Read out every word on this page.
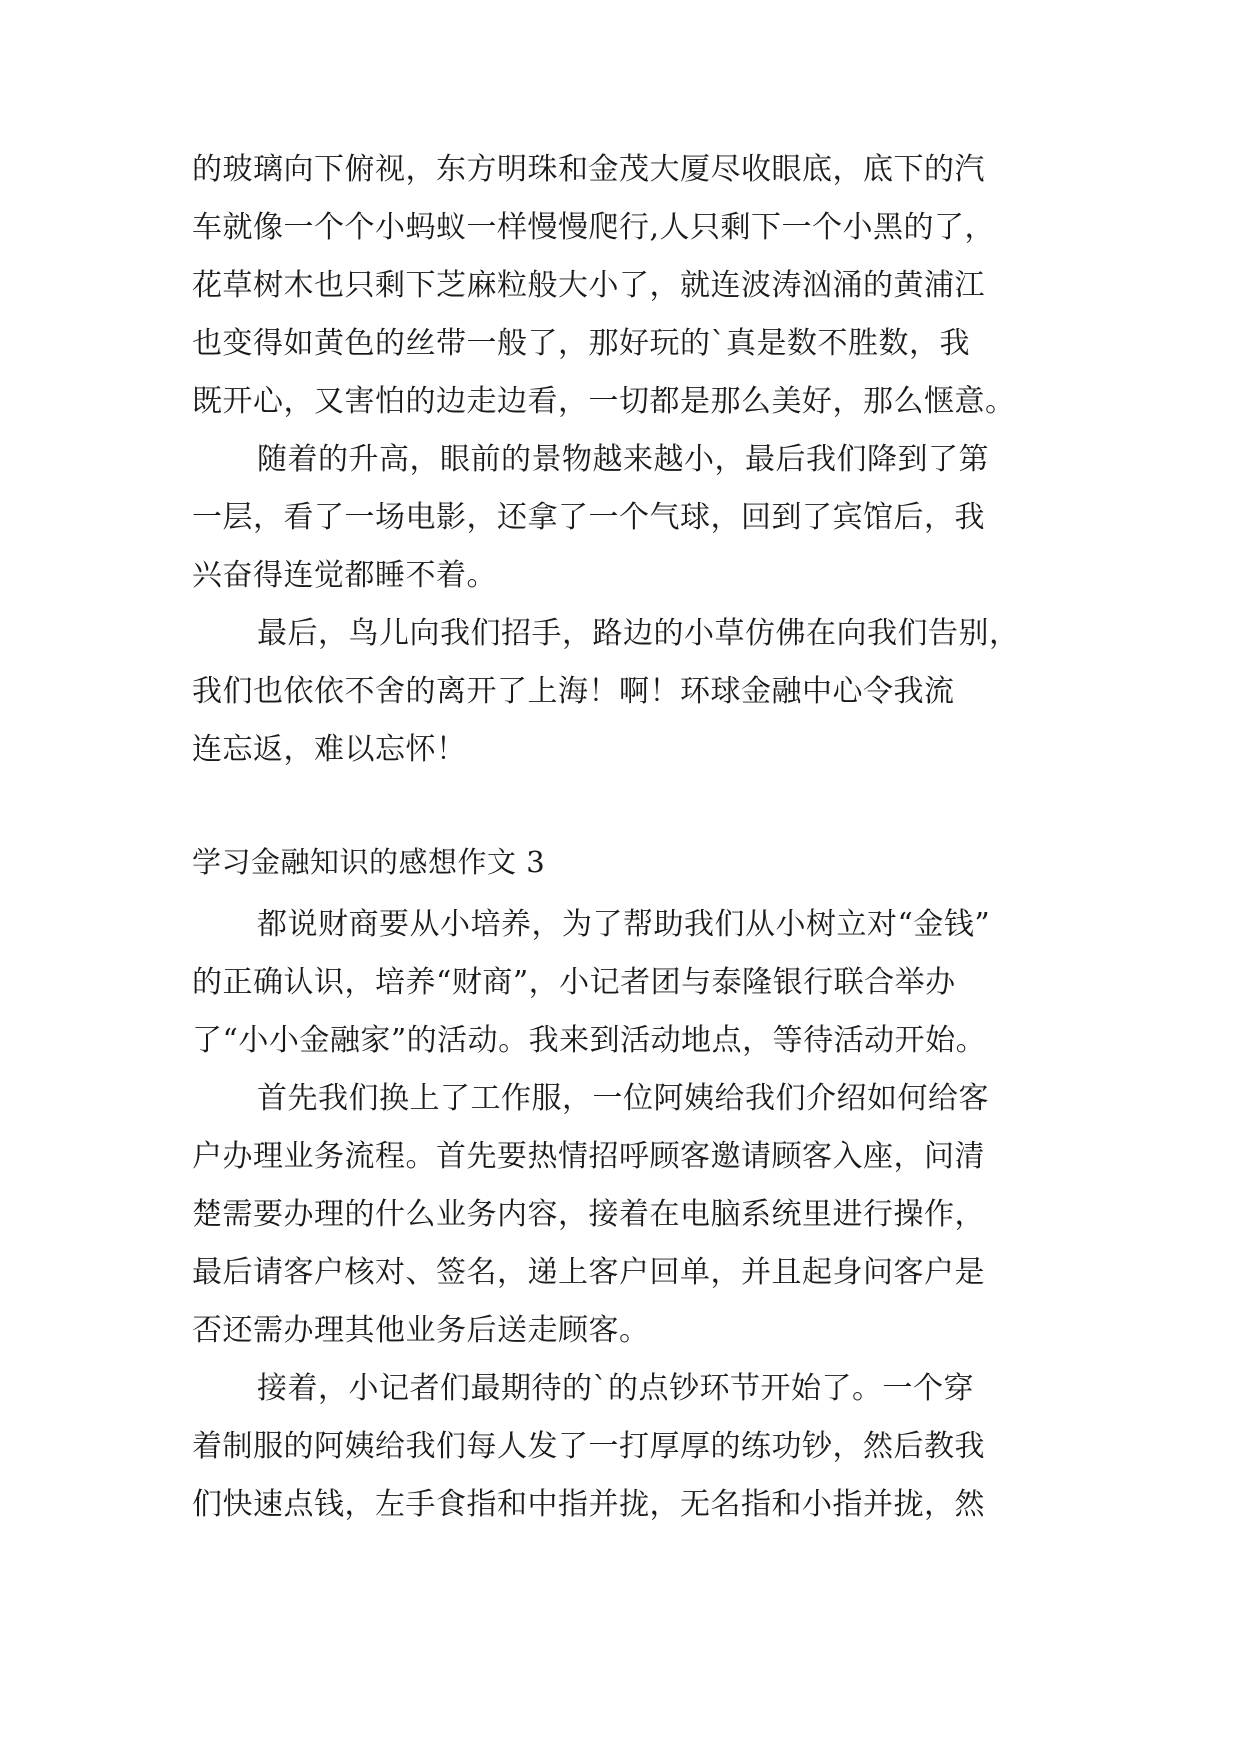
的玻璃向下俯视，东方明珠和金茂大厦尽收眼底，底下的汽
车就像一个个小蚂蚁一样慢慢爬行,人只剩下一个小黑的了，
花草树木也只剩下芝麻粒般大小了，就连波涛汹涌的黄浦江
也变得如黄色的丝带一般了，那好玩的`真是数不胜数，我
既开心，又害怕的边走边看，一切都是那么美好，那么惬意。
随着的升高，眼前的景物越来越小，最后我们降到了第
一层，看了一场电影，还拿了一个气球，回到了宾馆后，我
兴奋得连觉都睡不着。
最后，鸟儿向我们招手，路边的小草仿佛在向我们告别，
我们也依依不舍的离开了上海！啊！环球金融中心令我流
连忘返，难以忘怀！
学习金融知识的感想作文 3
都说财商要从小培养，为了帮助我们从小树立对“金钱”
的正确认识，培养“财商”，小记者团与泰隆银行联合举办
了“小小金融家”的活动。我来到活动地点，等待活动开始。
首先我们换上了工作服，一位阿姨给我们介绍如何给客
户办理业务流程。首先要热情招呼顾客邀请顾客入座，问清
楚需要办理的什么业务内容，接着在电脑系统里进行操作，
最后请客户核对、签名，递上客户回单，并且起身问客户是
否还需办理其他业务后送走顾客。
接着，小记者们最期待的`的点钞环节开始了。一个穿
着制服的阿姨给我们每人发了一打厚厚的练功钞，然后教我
们快速点钱，左手食指和中指并拢，无名指和小指并拢，然
